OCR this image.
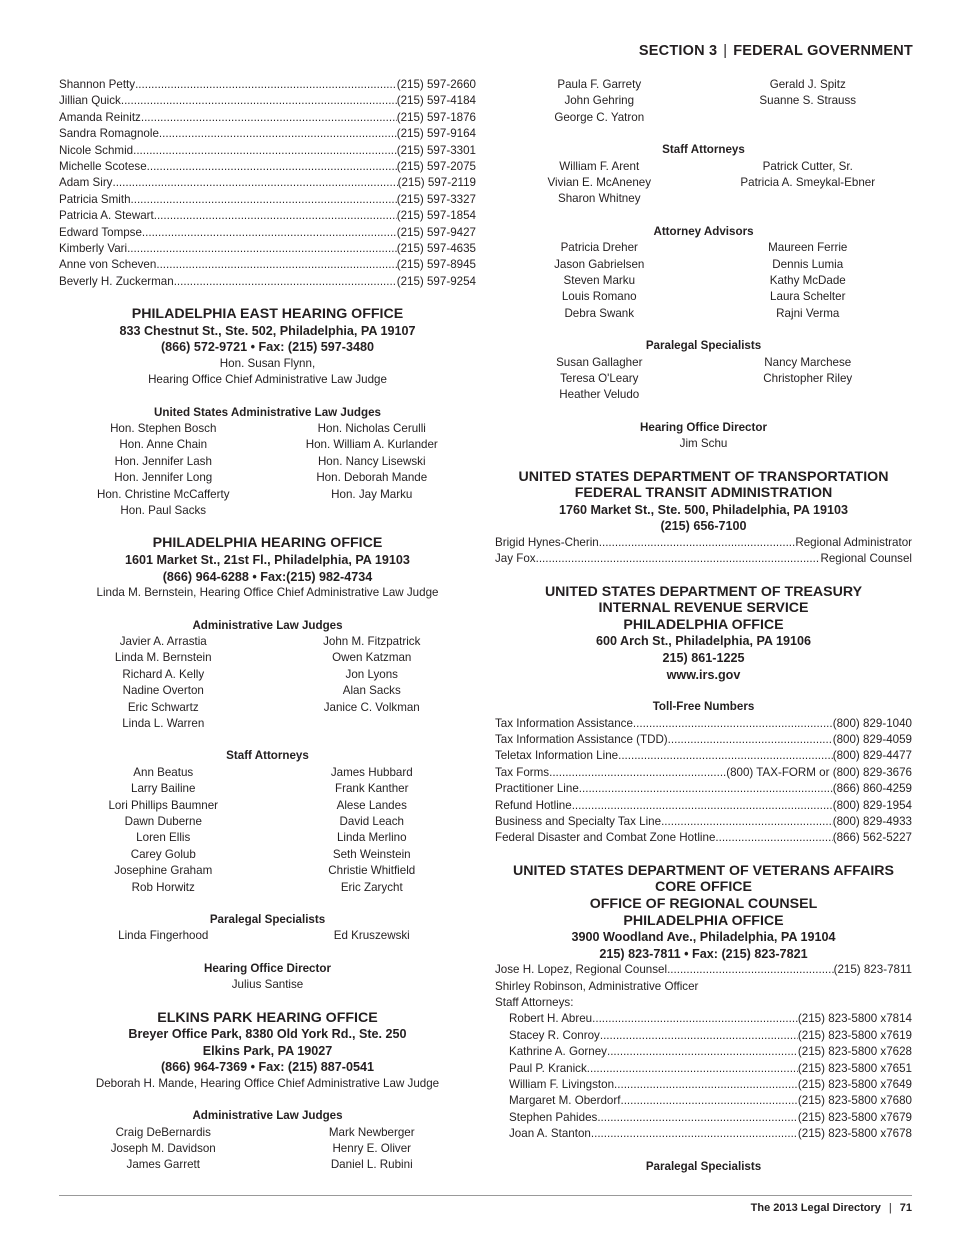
SECTION 3 | FEDERAL GOVERNMENT
Shannon Petty .....	(215) 597-2660
Jillian Quick .....	(215) 597-4184
Amanda Reinitz .....	(215) 597-1876
Sandra Romagnole .....	(215) 597-9164
Nicole Schmid .....	(215) 597-3301
Michelle Scotese .....	(215) 597-2075
Adam Siry .....	(215) 597-2119
Patricia Smith .....	(215) 597-3327
Patricia A. Stewart .....	(215) 597-1854
Edward Tompse .....	(215) 597-9427
Kimberly Vari .....	(215) 597-4635
Anne von Scheven .....	(215) 597-8945
Beverly H. Zuckerman .....	(215) 597-9254
PHILADELPHIA EAST HEARING OFFICE
833 Chestnut St., Ste. 502, Philadelphia, PA 19107
(866) 572-9721 • Fax: (215) 597-3480
Hon. Susan Flynn,
Hearing Office Chief Administrative Law Judge
United States Administrative Law Judges
Hon. Stephen Bosch	Hon. Nicholas Cerulli
Hon. Anne Chain	Hon. William A. Kurlander
Hon. Jennifer Lash	Hon. Nancy Lisewski
Hon. Jennifer Long	Hon. Deborah Mande
Hon. Christine McCafferty	Hon. Jay Marku
Hon. Paul Sacks
PHILADELPHIA HEARING OFFICE
1601 Market St., 21st Fl., Philadelphia, PA 19103
(866) 964-6288 • Fax:(215) 982-4734
Linda M. Bernstein, Hearing Office Chief Administrative Law Judge
Administrative Law Judges
Javier A. Arrastia	John M. Fitzpatrick
Linda M. Bernstein	Owen Katzman
Richard A. Kelly	Jon Lyons
Nadine Overton	Alan Sacks
Eric Schwartz	Janice C. Volkman
Linda L. Warren
Staff Attorneys
Ann Beatus	James Hubbard
Larry Bailine	Frank Kanther
Lori Phillips Baumner	Alese Landes
Dawn Duberne	David Leach
Loren Ellis	Linda Merlino
Carey Golub	Seth Weinstein
Josephine Graham	Christie Whitfield
Rob Horwitz	Eric Zarycht
Paralegal Specialists
Linda Fingerhood	Ed Kruszewski
Hearing Office Director
Julius Santise
ELKINS PARK HEARING OFFICE
Breyer Office Park, 8380 Old York Rd., Ste. 250
Elkins Park, PA 19027
(866) 964-7369 • Fax: (215) 887-0541
Deborah H. Mande, Hearing Office Chief Administrative Law Judge
Administrative Law Judges
Craig DeBernardis	Mark Newberger
Joseph M. Davidson	Henry E. Oliver
James Garrett	Daniel L. Rubini
Paula F. Garrety	Gerald J. Spitz
John Gehring	Suanne S. Strauss
George C. Yatron
Staff Attorneys
William F. Arent	Patrick Cutter, Sr.
Vivian E. McAneney	Patricia A. Smeykal-Ebner
Sharon Whitney
Attorney Advisors
Patricia Dreher	Maureen Ferrie
Jason Gabrielsen	Dennis Lumia
Steven Marku	Kathy McDade
Louis Romano	Laura Schelter
Debra Swank	Rajni Verma
Paralegal Specialists
Susan Gallagher	Nancy Marchese
Teresa O'Leary	Christopher Riley
Heather Veludo
Hearing Office Director
Jim Schu
UNITED STATES DEPARTMENT OF TRANSPORTATION
FEDERAL TRANSIT ADMINISTRATION
1760 Market St., Ste. 500, Philadelphia, PA 19103
(215) 656-7100
Brigid Hynes-Cherin .....	Regional Administrator
Jay Fox .....	Regional Counsel
UNITED STATES DEPARTMENT OF TREASURY
INTERNAL REVENUE SERVICE
PHILADELPHIA OFFICE
600 Arch St., Philadelphia, PA 19106
215) 861-1225
www.irs.gov
Toll-Free Numbers
Tax Information Assistance .....	(800) 829-1040
Tax Information Assistance (TDD) .....	(800) 829-4059
Teletax Information Line .....	(800) 829-4477
Tax Forms .....	(800) TAX-FORM or (800) 829-3676
Practitioner Line .....	(866) 860-4259
Refund Hotline .....	(800) 829-1954
Business and Specialty Tax Line .....	(800) 829-4933
Federal Disaster and Combat Zone Hotline .....	(866) 562-5227
UNITED STATES DEPARTMENT OF VETERANS AFFAIRS
CORE OFFICE
OFFICE OF REGIONAL COUNSEL
PHILADELPHIA OFFICE
3900 Woodland Ave., Philadelphia, PA 19104
215) 823-7811 • Fax: (215) 823-7821
Jose H. Lopez, Regional Counsel .....	(215) 823-7811
Shirley Robinson, Administrative Officer
Staff Attorneys:
Robert H. Abreu .....	(215) 823-5800 x7814
Stacey R. Conroy .....	(215) 823-5800 x7619
Kathrine A. Gorney .....	(215) 823-5800 x7628
Paul P. Kranick .....	(215) 823-5800 x7651
William F. Livingston .....	(215) 823-5800 x7649
Margaret M. Oberdorf .....	(215) 823-5800 x7680
Stephen Pahides .....	(215) 823-5800 x7679
Joan A. Stanton .....	(215) 823-5800 x7678
Paralegal Specialists
The 2013 Legal Directory | 71
